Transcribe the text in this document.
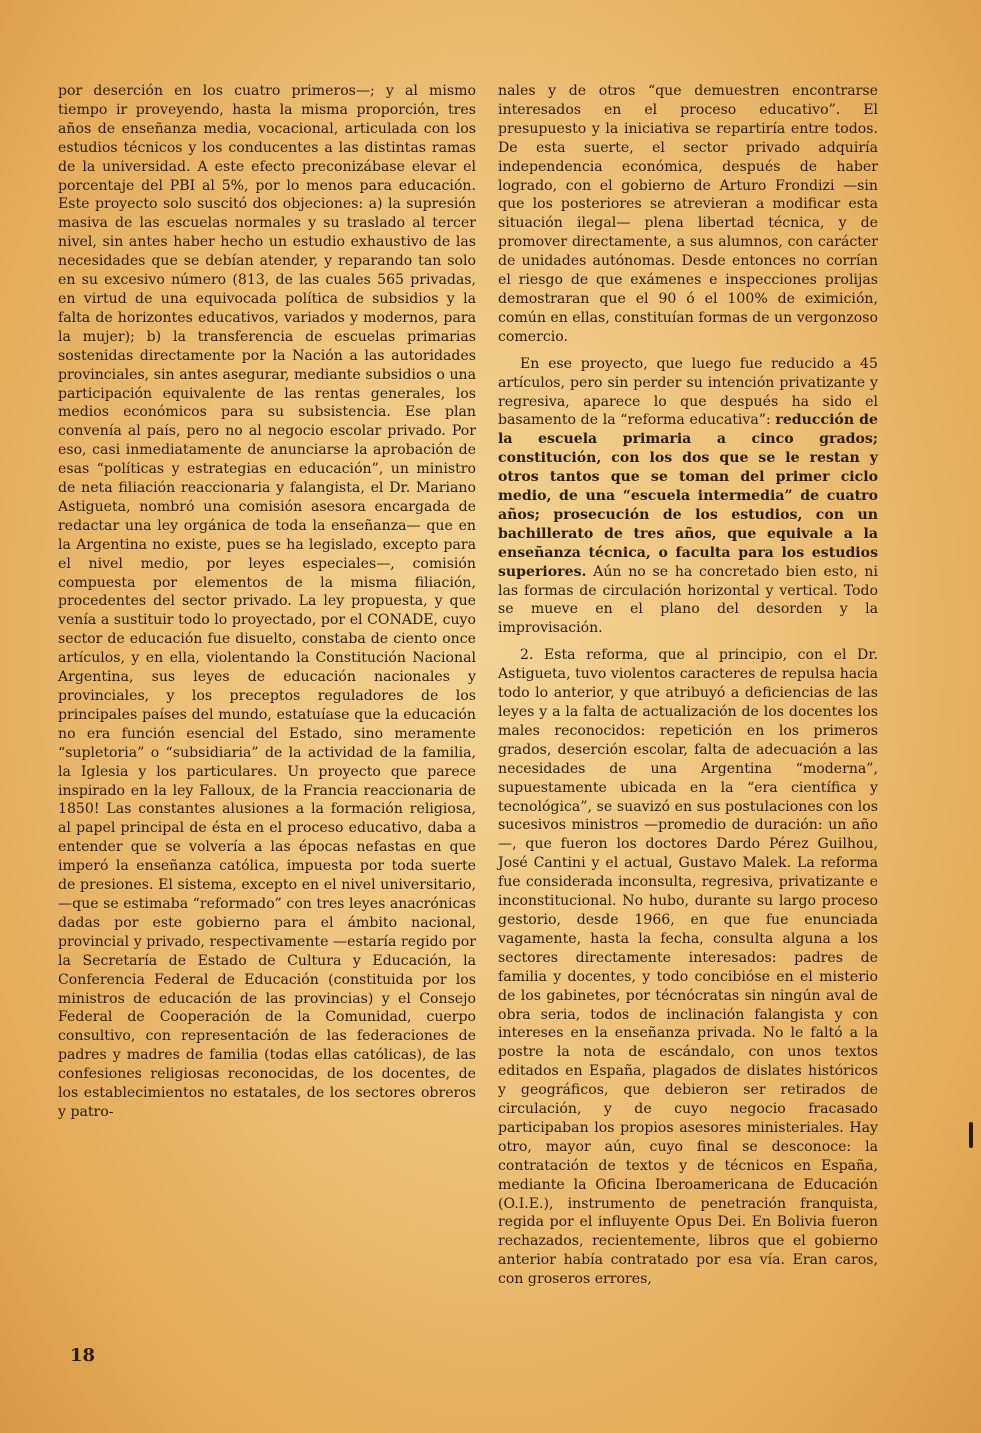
por deserción en los cuatro primeros—; y al mismo tiempo ir proveyendo, hasta la misma proporción, tres años de enseñanza media, vocacional, articulada con los estudios técnicos y los conducentes a las distintas ramas de la universidad. A este efecto preconizábase elevar el porcentaje del PBI al 5%, por lo menos para educación. Este proyecto solo suscitó dos objeciones: a) la supresión masiva de las escuelas normales y su traslado al tercer nivel, sin antes haber hecho un estudio exhaustivo de las necesidades que se debían atender, y reparando tan solo en su excesivo número (813, de las cuales 565 privadas, en virtud de una equivocada política de subsidios y la falta de horizontes educativos, variados y modernos, para la mujer); b) la transferencia de escuelas primarias sostenidas directamente por la Nación a las autoridades provinciales, sin antes asegurar, mediante subsidios o una participación equivalente de las rentas generales, los medios económicos para su subsistencia. Ese plan convenía al país, pero no al negocio escolar privado. Por eso, casi inmediatamente de anunciarse la aprobación de esas “políticas y estrategias en educación”, un ministro de neta filiación reaccionaria y falangista, el Dr. Mariano Astigueta, nombró una comisión asesora encargada de redactar una ley orgánica de toda la enseñanza— que en la Argentina no existe, pues se ha legislado, excepto para el nivel medio, por leyes especiales—, comisión compuesta por elementos de la misma filiación, procedentes del sector privado. La ley propuesta, y que venía a sustituir todo lo proyectado, por el CONADE, cuyo sector de educación fue disuelto, constaba de ciento once artículos, y en ella, violentando la Constitución Nacional Argentina, sus leyes de educación nacionales y provinciales, y los preceptos reguladores de los principales países del mundo, estatuíase que la educación no era función esencial del Estado, sino meramente “supletoria” o “subsidiaria” de la actividad de la familia, la Iglesia y los particulares. Un proyecto que parece inspirado en la ley Falloux, de la Francia reaccionaria de 1850! Las constantes alusiones a la formación religiosa, al papel principal de ésta en el proceso educativo, daba a entender que se volvería a las épocas nefastas en que imperó la enseñanza católica, impuesta por toda suerte de presiones. El sistema, excepto en el nivel universitario, —que se estimaba “reformado” con tres leyes anacrónicas dadas por este gobierno para el ámbito nacional, provincial y privado, respectivamente —estaría regido por la Secretaría de Estado de Cultura y Educación, la Conferencia Federal de Educación (constituida por los ministros de educación de las provincias) y el Consejo Federal de Cooperación de la Comunidad, cuerpo consultivo, con representación de las federaciones de padres y madres de familia (todas ellas católicas), de las confesiones religiosas reconocidas, de los docentes, de los establecimientos no estatales, de los sectores obreros y patro-

nales y de otros “que demuestren encontrarse interesados en el proceso educativo”. El presupuesto y la iniciativa se repartiría entre todos. De esta suerte, el sector privado adquiría independencia económica, después de haber logrado, con el gobierno de Arturo Frondizi —sin que los posteriores se atrevieran a modificar esta situación ilegal— plena libertad técnica, y de promover directamente, a sus alumnos, con carácter de unidades autónomas. Desde entonces no corrían el riesgo de que exámenes e inspecciones prolijas demostraran que el 90 ó el 100% de eximición, común en ellas, constituían formas de un vergonzoso comercio.

En ese proyecto, que luego fue reducido a 45 artículos, pero sin perder su intención privatizante y regresiva, aparece lo que después ha sido el basamento de la “reforma educativa”: reducción de la escuela primaria a cinco grados; constitución, con los dos que se le restan y otros tantos que se toman del primer ciclo medio, de una “escuela intermedia” de cuatro años; prosecución de los estudios, con un bachillerato de tres años, que equivale a la enseñanza técnica, o faculta para los estudios superiores. Aún no se ha concretado bien esto, ni las formas de circulación horizontal y vertical. Todo se mueve en el plano del desorden y la improvisación.

2. Esta reforma, que al principio, con el Dr. Astigueta, tuvo violentos caracteres de repulsa hacia todo lo anterior, y que atribuyó a deficiencias de las leyes y a la falta de actualización de los docentes los males reconocidos: repetición en los primeros grados, deserción escolar, falta de adecuación a las necesidades de una Argentina “moderna”, supuestamente ubicada en la “era científica y tecnológica”, se suavizó en sus postulaciones con los sucesivos ministros —promedio de duración: un año—, que fueron los doctores Dardo Pérez Guilhou, José Cantini y el actual, Gustavo Malek. La reforma fue considerada inconsulta, regresiva, privatizante e inconstitucional. No hubo, durante su largo proceso gestorio, desde 1966, en que fue enunciada vagamente, hasta la fecha, consulta alguna a los sectores directamente interesados: padres de familia y docentes, y todo concibióse en el misterio de los gabinetes, por técnócratas sin ningún aval de obra seria, todos de inclinación falangista y con intereses en la enseñanza privada. No le faltó a la postre la nota de escándalo, con unos textos editados en España, plagados de dislates históricos y geográficos, que debieron ser retirados de circulación, y de cuyo negocio fracasado participaban los propios asesores ministeriales. Hay otro, mayor aún, cuyo final se desconoce: la contratación de textos y de técnicos en España, mediante la Oficina Iberoamericana de Educación (O.I.E.), instrumento de penetración franquista, regida por el influyente Opus Dei. En Bolivia fueron rechazados, recientemente, libros que el gobierno anterior había contratado por esa vía. Eran caros, con groseros errores,

18
